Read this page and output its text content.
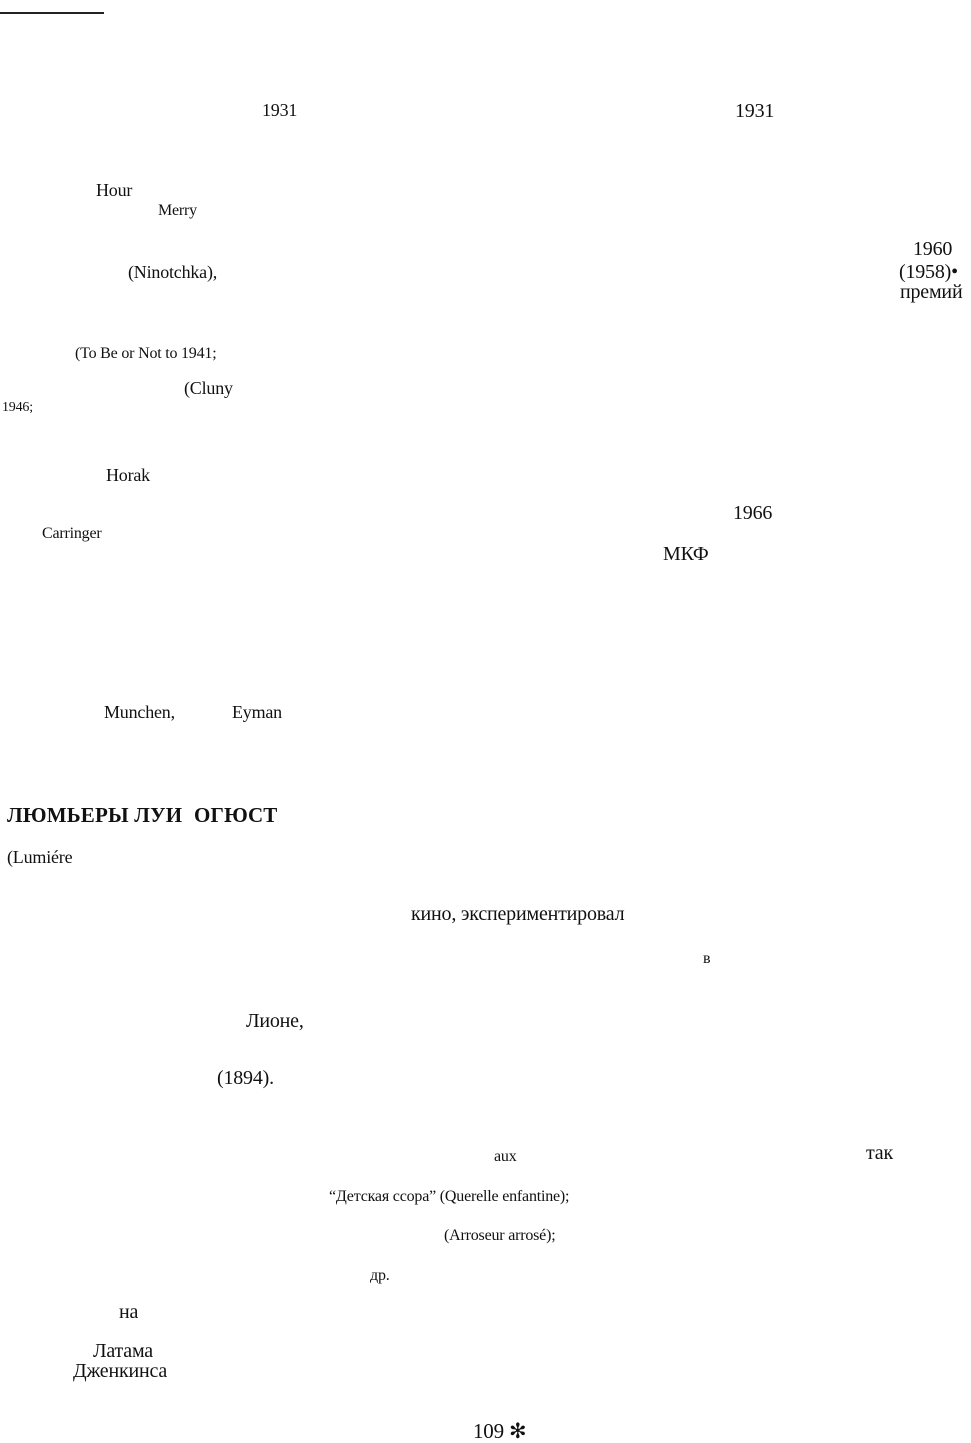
1931	1931
Hour
Merry
1960
(Ninotchka),	(1958)•
премий
1941;
(To Be or Not to
(Cluny
1946;
Horak
1966
Carringer
МКФ
Munchen,	Eyman
ЛЮМЬЕРЫ ЛУИ ОГЮСТ
(Lumiére
кино, экспериментировал
в
Лионе,
(1894).
aux	так
“Детская ссора” (Querelle enfantine);
(Arroseur arrosé);
др.
на
Латама
Дженкинса
109 ✻
